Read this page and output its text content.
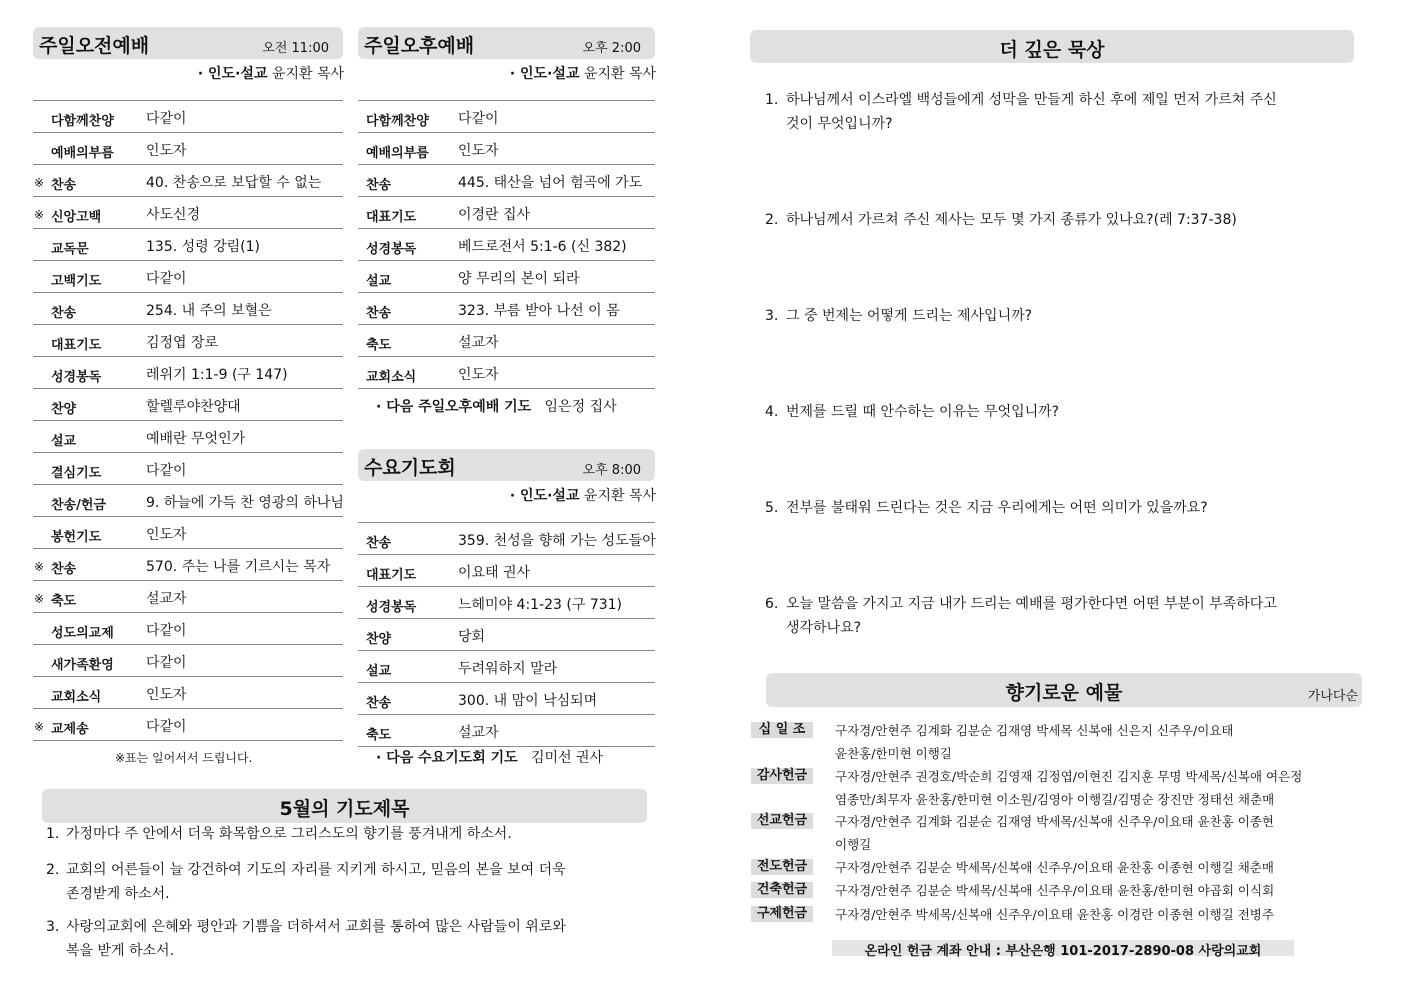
주일오전예배	오전 11:00
· 인도·설교 윤지환 목사
다함께찬양	다같이
예배의부름	인도자
※ 찬송	40. 찬송으로 보답할 수 없는
※ 신앙고백	사도신경
교독문	135. 성령 강림(1)
고백기도	다같이
찬송	254. 내 주의 보혈은
대표기도	김정엽 장로
성경봉독	레위기 1:1-9 (구 147)
찬양	할렐루야찬양대
설교	예배란 무엇인가
결심기도	다같이
찬송/헌금	9. 하늘에 가득 찬 영광의 하나님
봉헌기도	인도자
※ 찬송	570. 주는 나를 기르시는 목자
※ 축도	설교자
성도의교제	다같이
새가족환영	다같이
교회소식	인도자
※ 교제송	다같이
※표는 일어서서 드립니다.
주일오후예배	오후 2:00
· 인도·설교 윤지환 목사
다함께찬양	다같이
예배의부름	인도자
찬송	445. 태산을 넘어 험곡에 가도
대표기도	이경란 집사
성경봉독	베드로전서 5:1-6 (신 382)
설교	양 무리의 본이 되라
찬송	323. 부름 받아 나선 이 몸
축도	설교자
교회소식	인도자
· 다음 주일오후예배 기도 임은정 집사
수요기도회	오후 8:00
· 인도·설교 윤지환 목사
찬송	359. 천성을 향해 가는 성도들아
대표기도	이요태 권사
성경봉독	느헤미야 4:1-23 (구 731)
찬양	당회
설교	두려워하지 말라
찬송	300. 내 맘이 낙심되며
축도	설교자
· 다음 수요기도회 기도 김미선 권사
5월의 기도제목
1. 가정마다 주 안에서 더욱 화목함으로 그리스도의 향기를 풍겨내게 하소서.
2. 교회의 어른들이 늘 강건하여 기도의 자리를 지키게 하시고, 믿음의 본을 보여 더욱
존경받게 하소서.
3. 사랑의교회에 은혜와 평안과 기쁨을 더하셔서 교회를 통하여 많은 사람들이 위로와
복을 받게 하소서.
더 깊은 묵상
1. 하나님께서 이스라엘 백성들에게 성막을 만들게 하신 후에 제일 먼저 가르쳐 주신
것이 무엇입니까?
2. 하나님께서 가르쳐 주신 제사는 모두 몇 가지 종류가 있나요?(레 7:37-38)
3. 그 중 번제는 어떻게 드리는 제사입니까?
4. 번제를 드릴 때 안수하는 이유는 무엇입니까?
5. 전부를 불태워 드린다는 것은 지금 우리에게는 어떤 의미가 있을까요?
6. 오늘 말씀을 가지고 지금 내가 드리는 예배를 평가한다면 어떤 부분이 부족하다고
생각하나요?
향기로운 예물	가나다순
십 일 조	구자경/안현주 김계화 김분순 김재영 박세목 신복애 신은지 신주우/이요태
윤찬홍/한미현 이행길
감사헌금	구자경/안현주 권경호/박순희 김영재 김정엽/이현진 김지훈 무명 박세목/신복애 여은정
염종만/최무자 윤찬홍/한미현 이소원/김영아 이행길/김명순 장진만 정태선 채춘매
선교헌금	구자경/안현주 김계화 김분순 김재영 박세목/신복애 신주우/이요태 윤찬홍 이종현
이행길
전도헌금	구자경/안현주 김분순 박세목/신복애 신주우/이요태 윤찬홍 이종현 이행길 채춘매
건축헌금	구자경/안현주 김분순 박세목/신복애 신주우/이요태 윤찬홍/한미현 야곱회 이식회
구제헌금	구자경/안현주 박세목/신복애 신주우/이요태 윤찬홍 이경란 이종현 이행길 전병주
온라인 헌금 계좌 안내 : 부산은행 101-2017-2890-08 사랑의교회
